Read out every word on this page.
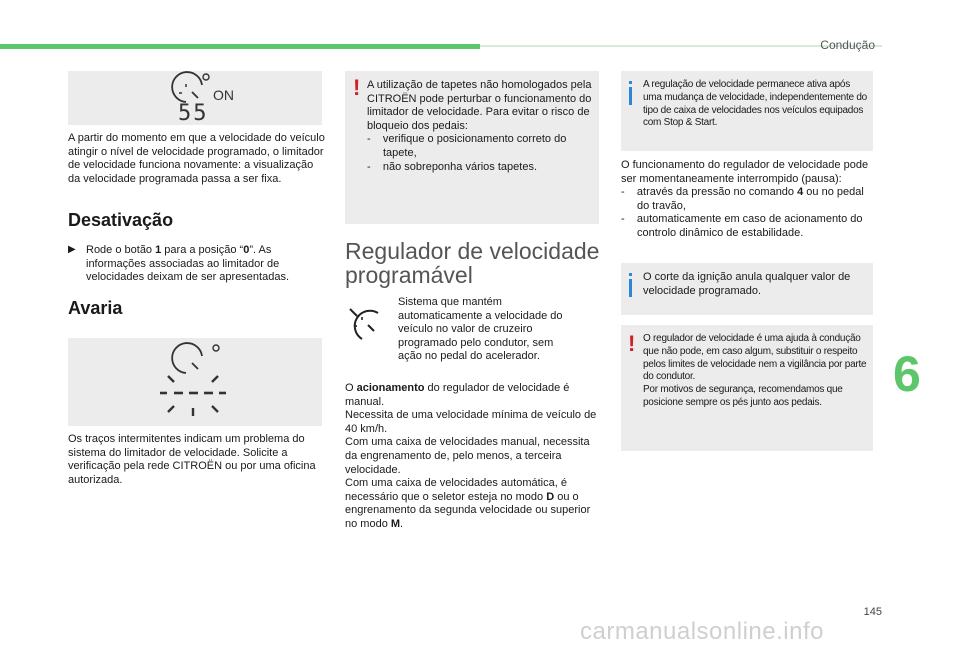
Condução
6
145
carmanualsonline.info
ON
55

A partir do momento em que a velocidade do veículo atingir o nível de velocidade programado, o limitador de velocidade funciona novamente: a visualização da velocidade programada passa a ser fixa.

Desativação
▶ Rode o botão 1 para a posição “0”. As informações associadas ao limitador de velocidades deixam de ser apresentadas.

Avaria

Os traços intermitentes indicam um problema do sistema do limitador de velocidade. Solicite a verificação pela rede CITROËN ou por uma oficina autorizada.

! A utilização de tapetes não homologados pela CITROËN pode perturbar o funcionamento do limitador de velocidade. Para evitar o risco de bloqueio dos pedais:

-    verifique o posicionamento correto do tapete,

-    não sobreponha vários tapetes.

Regulador de velocidade programável

Sistema que mantém automaticamente a velocidade do veículo no valor de cruzeiro programado pelo condutor, sem ação no pedal do acelerador.

O acionamento do regulador de velocidade é manual.

Necessita de uma velocidade mínima de veículo de 40 km/h.

Com uma caixa de velocidades manual, necessita da engrenamento de, pelo menos, a terceira velocidade.

Com uma caixa de velocidades automática, é necessário que o seletor esteja no modo D ou o engrenamento da segunda velocidade ou superior no modo M.

A regulação de velocidade permanece ativa após uma mudança de velocidade, independentemente do tipo de caixa de velocidades nos veículos equipados com Stop & Start.

O funcionamento do regulador de velocidade pode ser momentaneamente interrompido (pausa):

-    através da pressão no comando 4 ou no pedal do travão,

-    automaticamente em caso de acionamento do controlo dinâmico de estabilidade.

O corte da ignição anula qualquer valor de velocidade programado.

! O regulador de velocidade é uma ajuda à condução que não pode, em caso algum, substituir o respeito pelos limites de velocidade nem a vigilância por parte do condutor.

Por motivos de segurança, recomendamos que posicione sempre os pés junto aos pedais.
